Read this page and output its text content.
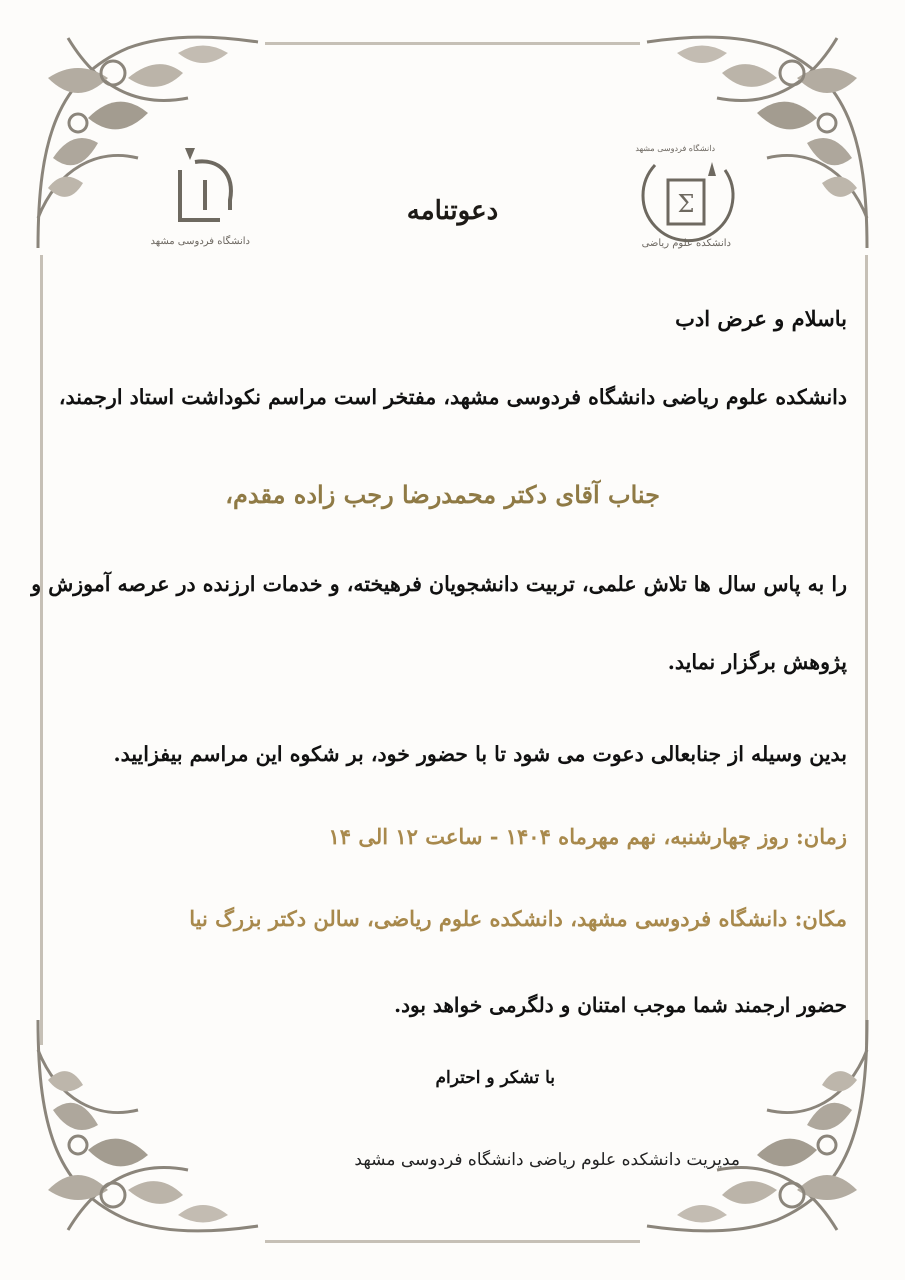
دانشگاه فردوسی مشهد
Σ
دانشگاه فردوسی مشهد
دانشکده علوم ریاضی
دعوتنامه
باسلام و عرض ادب
دانشکده علوم ریاضی دانشگاه فردوسی مشهد، مفتخر است مراسم نکوداشت استاد ارجمند،
جناب آقای دکتر محمدرضا رجب زاده مقدم،
را به پاس سال ها تلاش علمی، تربیت دانشجویان فرهیخته، و خدمات ارزنده در عرصه آموزش و
پژوهش برگزار نماید.
بدین وسیله از جنابعالی دعوت می شود تا با حضور خود، بر شکوه این مراسم بیفزایید.
زمان: روز چهارشنبه، نهم مهرماه ۱۴۰۴ - ساعت ۱۲ الی ۱۴
مکان: دانشگاه فردوسی مشهد، دانشکده علوم ریاضی، سالن دکتر بزرگ نیا
حضور ارجمند شما موجب امتنان و دلگرمی خواهد بود.
با تشکر و احترام
مدیریت دانشکده علوم ریاضی دانشگاه فردوسی مشهد
